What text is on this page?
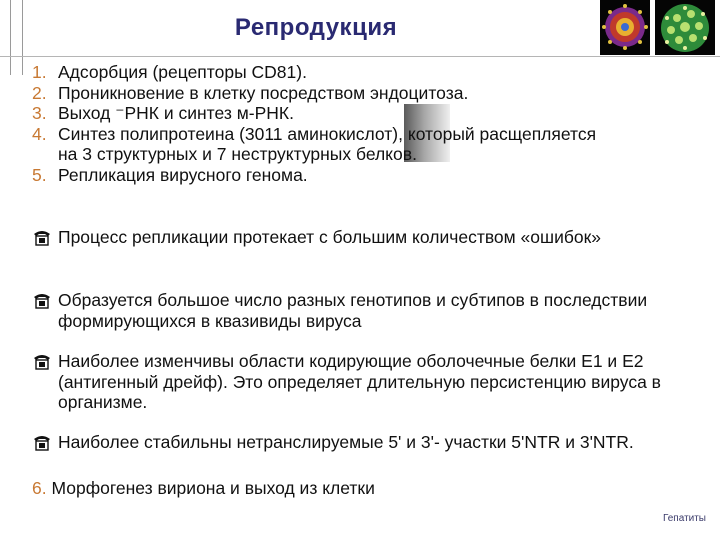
Репродукция
1. Адсорбция (рецепторы CD81).
2. Проникновение в клетку посредством эндоцитоза.
3. Выход ⁻РНК и синтез м-РНК.
4. Синтез полипротеина (3011 аминокислот), который расщепляется на 3 структурных и 7 неструктурных белков.
5. Репликация вирусного генома.
Процесс репликации протекает с большим количеством «ошибок»
Образуется большое число разных генотипов и субтипов в последствии формирующихся в квазивиды вируса
Наиболее изменчивы области кодирующие оболочечные белки Е1 и Е2 (антигенный дрейф). Это определяет длительную персистенцию вируса в организме.
Наиболее стабильны нетранслируемые 5' и 3'- участки 5'NTR и 3'NTR.
6. Морфогенез вириона и выход из клетки
Гепатиты
